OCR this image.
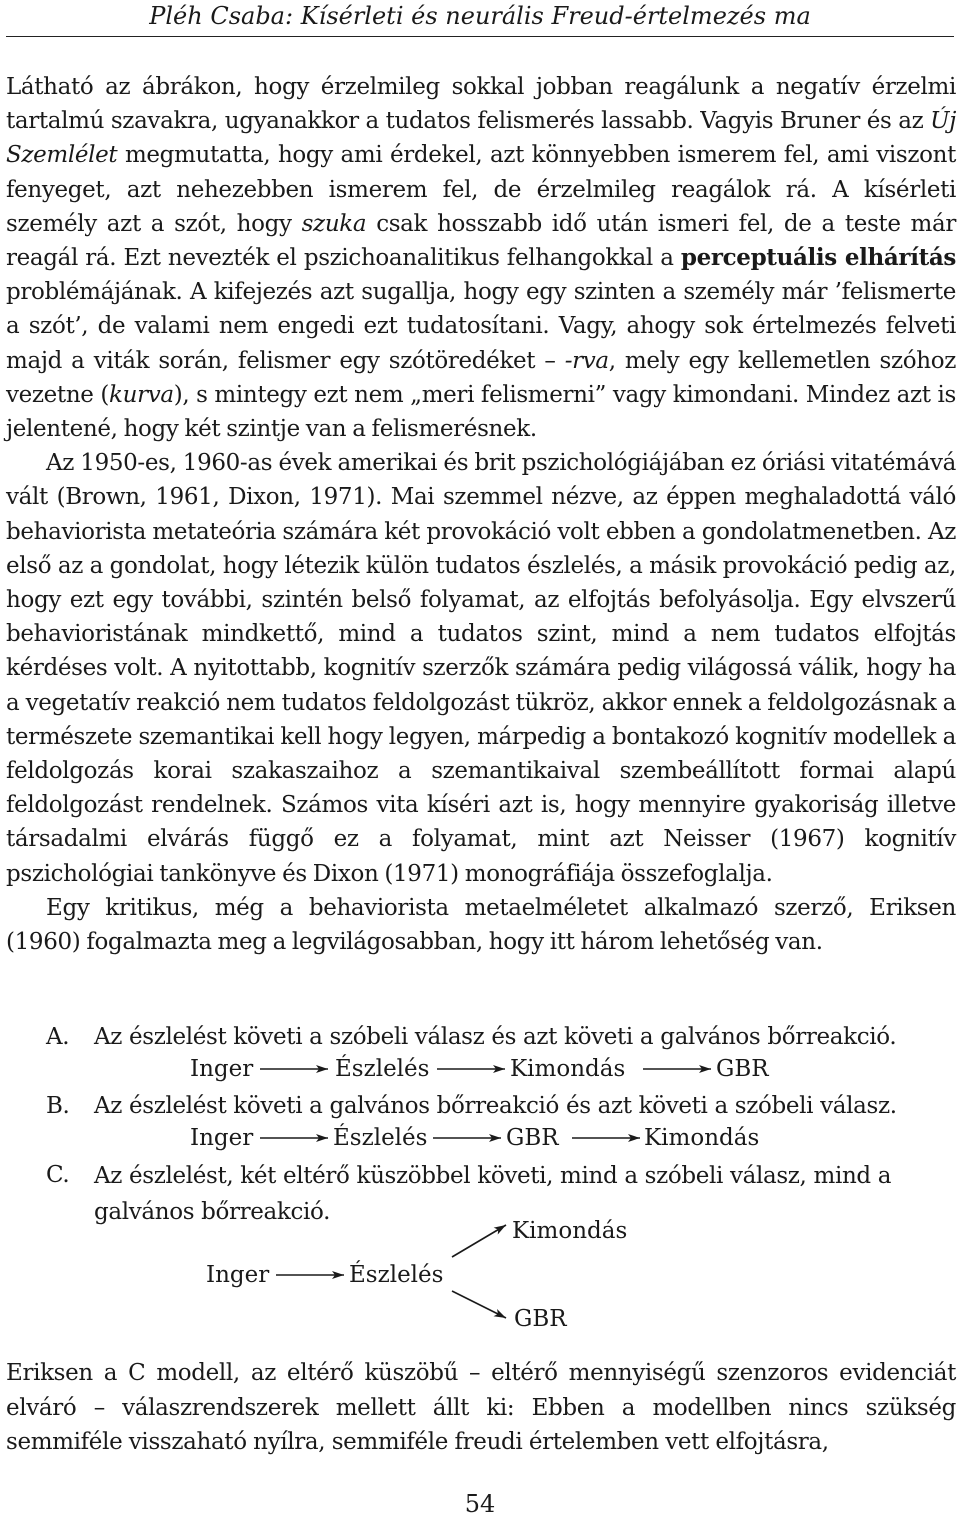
Pléh Csaba: Kísérleti és neurális Freud-értelmezés ma

Látható az ábrákon, hogy érzelmileg sokkal jobban reagálunk a negatív érzelmi tartalmú szavakra, ugyanakkor a tudatos felismerés lassabb. Vagyis Bruner és az Új Szemlélet megmutatta, hogy ami érdekel, azt könnyebben ismerem fel, ami viszont fenyeget, azt nehezebben ismerem fel, de érzelmileg reagálok rá. A kísérleti személy azt a szót, hogy szuka csak hosszabb idő után ismeri fel, de a teste már reagál rá. Ezt nevezték el pszichoanalitikus felhangokkal a perceptuális elhárítás problémájának. A kifejezés azt sugallja, hogy egy szinten a személy már ’felismerte a szót’, de valami nem engedi ezt tudatosítani. Vagy, ahogy sok értelmezés felveti majd a viták során, felismer egy szótöredéket – -rva, mely egy kellemetlen szóhoz vezetne (kurva), s mintegy ezt nem „meri felismerni” vagy kimondani. Mindez azt is jelentené, hogy két szintje van a felismerésnek.

Az 1950-es, 1960-as évek amerikai és brit pszichológiájában ez óriási vitatémává vált (Brown, 1961, Dixon, 1971). Mai szemmel nézve, az éppen meghaladottá váló behaviorista metateória számára két provokáció volt ebben a gondolatmenetben. Az első az a gondolat, hogy létezik külön tudatos észlelés, a másik provokáció pedig az, hogy ezt egy további, szintén belső folyamat, az elfojtás befolyásolja. Egy elvszerű behavioristának mindkettő, mind a tudatos szint, mind a nem tudatos elfojtás kérdéses volt. A nyitottabb, kognitív szerzők számára pedig világossá válik, hogy ha a vegetatív reakció nem tudatos feldolgozást tükröz, akkor ennek a feldolgozásnak a természete szemantikai kell hogy legyen, márpedig a bontakozó kognitív modellek a feldolgozás korai szakaszaihoz a szemantikaival szembeállított formai alapú feldolgozást rendelnek. Számos vita kíséri azt is, hogy mennyire gyakoriság illetve társadalmi elvárás függő ez a folyamat, mint azt Neisser (1967) kognitív pszichológiai tankönyve és Dixon (1971) monográfiája összefoglalja.

Egy kritikus, még a behaviorista metaelméletet alkalmazó szerző, Eriksen (1960) fogalmazta meg a legvilágosabban, hogy itt három lehetőség van.

A. Az észlelést követi a szóbeli válasz és azt követi a galvános bőrreakció.
B. Az észlelést követi a galvános bőrreakció és azt követi a szóbeli válasz.
C. Az észlelést, két eltérő küszöbbel követi, mind a szóbeli válasz, mind a galvános bőrreakció.
Inger	Észlelés	Kimondás	GBR
Inger	Észlelés	GBR	Kimondás
Inger	Észlelés
Kimondás
GBR

Eriksen a C modell, az eltérő küszöbű – eltérő mennyiségű szenzoros evidenciát elváró – válaszrendszerek mellett állt ki: Ebben a modellben nincs szükség semmiféle visszaható nyílra, semmiféle freudi értelemben vett elfojtásra,

54
